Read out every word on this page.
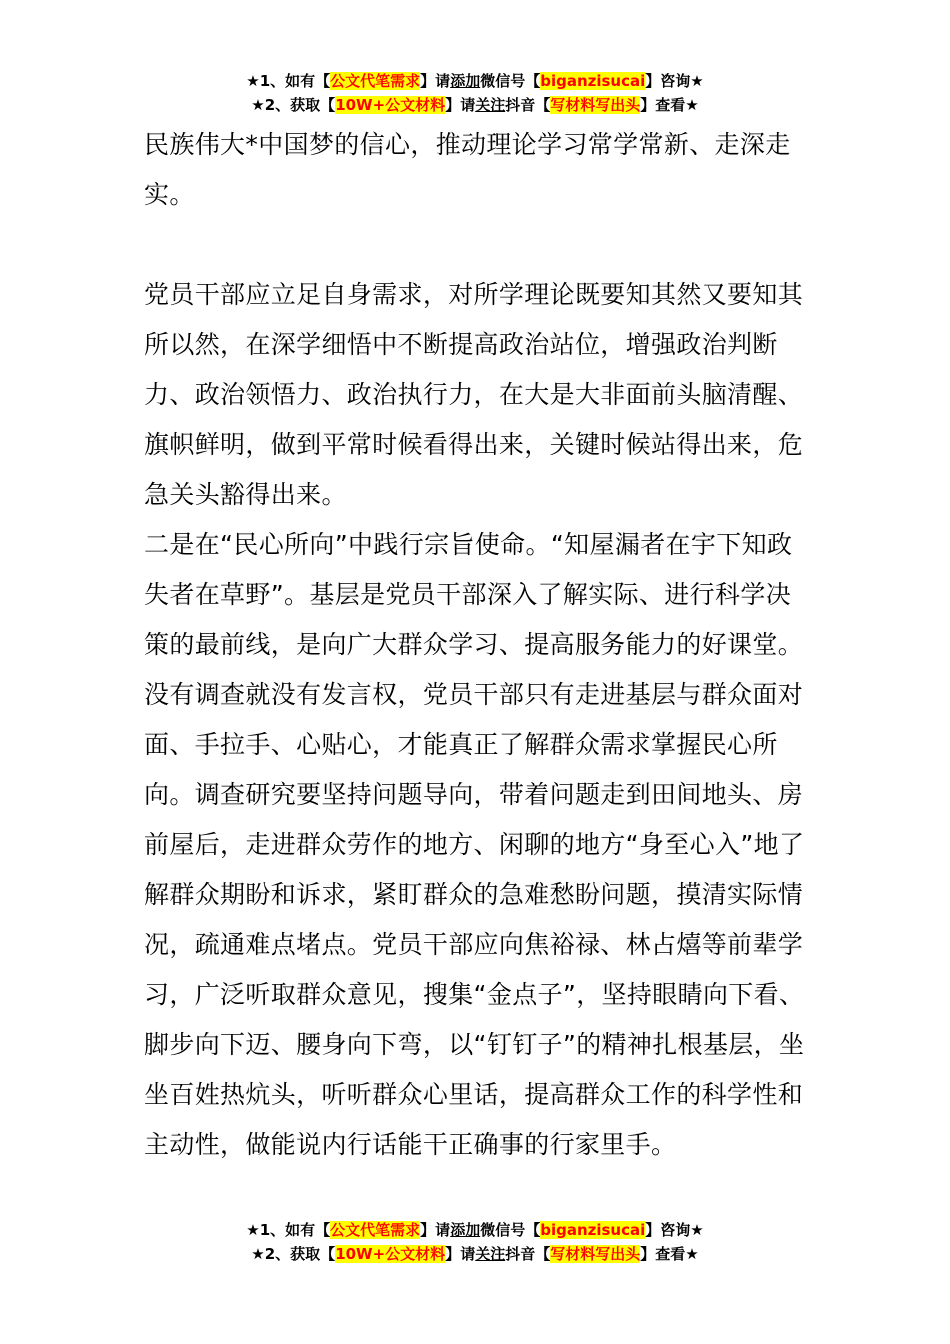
★1、如有【公文代笔需求】请添加微信号【biganzisucai】咨询★
★2、获取【10W+公文材料】请关注抖音【写材料写出头】查看★

民族伟大*中国梦的信心，推动理论学习常学常新、走深走实。

党员干部应立足自身需求，对所学理论既要知其然又要知其所以然，在深学细悟中不断提高政治站位，增强政治判断力、政治领悟力、政治执行力，在大是大非面前头脑清醒、旗帜鲜明，做到平常时候看得出来，关键时候站得出来，危急关头豁得出来。

二是在“民心所向”中践行宗旨使命。“知屋漏者在宇下知政失者在草野”。基层是党员干部深入了解实际、进行科学决策的最前线，是向广大群众学习、提高服务能力的好课堂。没有调查就没有发言权，党员干部只有走进基层与群众面对面、手拉手、心贴心，才能真正了解群众需求掌握民心所向。调查研究要坚持问题导向，带着问题走到田间地头、房前屋后，走进群众劳作的地方、闲聊的地方“身至心入”地了解群众期盼和诉求，紧盯群众的急难愁盼问题，摸清实际情况，疏通难点堵点。党员干部应向焦裕禄、林占熺等前辈学习，广泛听取群众意见，搜集“金点子”，坚持眼睛向下看、脚步向下迈、腰身向下弯，以“钉钉子”的精神扎根基层，坐坐百姓热炕头，听听群众心里话，提高群众工作的科学性和主动性，做能说内行话能干正确事的行家里手。

★1、如有【公文代笔需求】请添加微信号【biganzisucai】咨询★
★2、获取【10W+公文材料】请关注抖音【写材料写出头】查看★
